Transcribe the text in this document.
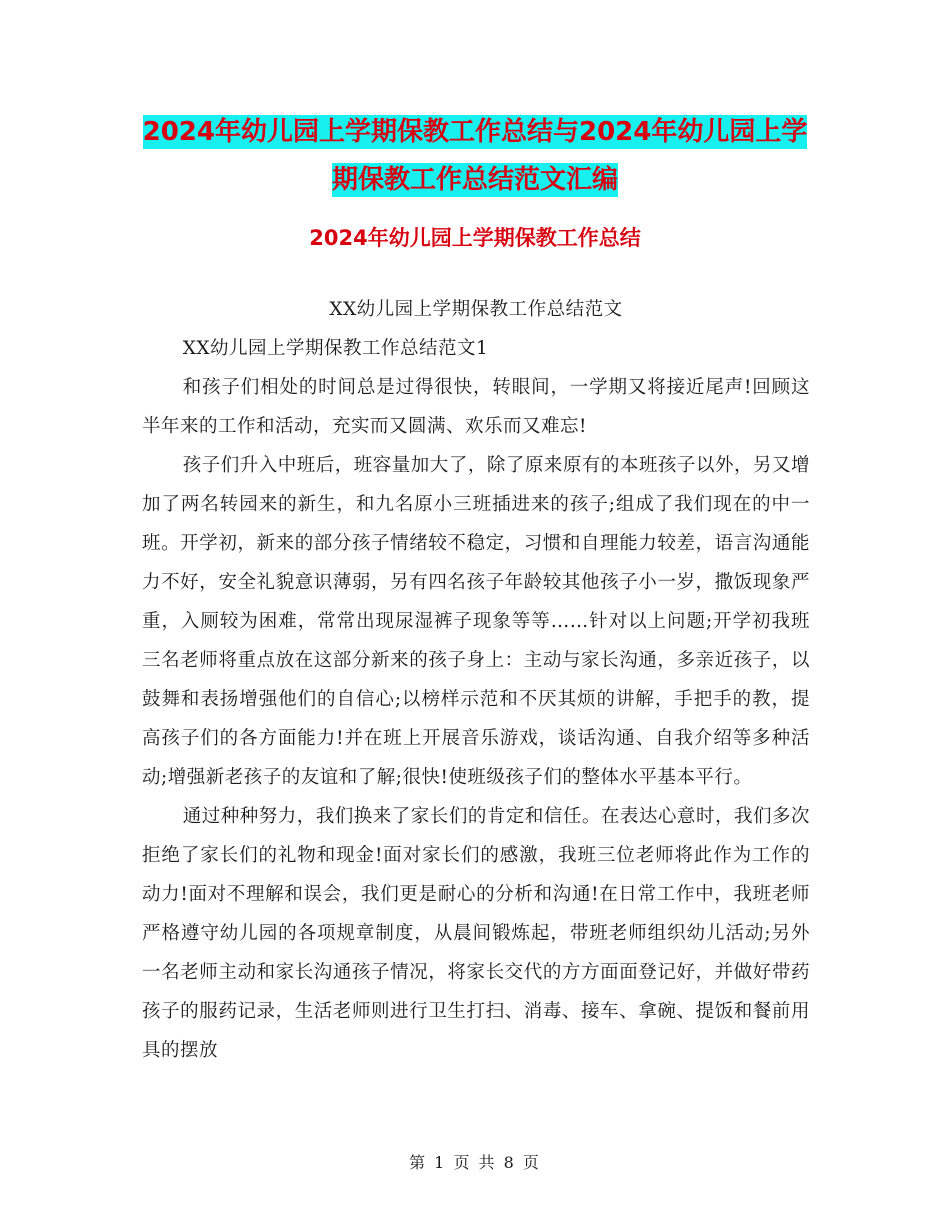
2024年幼儿园上学期保教工作总结与2024年幼儿园上学期保教工作总结范文汇编
2024年幼儿园上学期保教工作总结

XX幼儿园上学期保教工作总结范文

XX幼儿园上学期保教工作总结范文1

和孩子们相处的时间总是过得很快，转眼间，一学期又将接近尾声!回顾这半年来的工作和活动，充实而又圆满、欢乐而又难忘!

孩子们升入中班后，班容量加大了，除了原来原有的本班孩子以外，另又增加了两名转园来的新生，和九名原小三班插进来的孩子;组成了我们现在的中一班。开学初，新来的部分孩子情绪较不稳定，习惯和自理能力较差，语言沟通能力不好，安全礼貌意识薄弱，另有四名孩子年龄较其他孩子小一岁，撒饭现象严重，入厕较为困难，常常出现尿湿裤子现象等等……针对以上问题;开学初我班三名老师将重点放在这部分新来的孩子身上：主动与家长沟通，多亲近孩子，以鼓舞和表扬增强他们的自信心;以榜样示范和不厌其烦的讲解，手把手的教，提高孩子们的各方面能力!并在班上开展音乐游戏，谈话沟通、自我介绍等多种活动;增强新老孩子的友谊和了解;很快!使班级孩子们的整体水平基本平行。

通过种种努力，我们换来了家长们的肯定和信任。在表达心意时，我们多次拒绝了家长们的礼物和现金!面对家长们的感激，我班三位老师将此作为工作的动力!面对不理解和误会，我们更是耐心的分析和沟通!在日常工作中，我班老师严格遵守幼儿园的各项规章制度，从晨间锻炼起，带班老师组织幼儿活动;另外一名老师主动和家长沟通孩子情况，将家长交代的方方面面登记好，并做好带药孩子的服药记录，生活老师则进行卫生打扫、消毒、接车、拿碗、提饭和餐前用具的摆放

第 1 页 共 8 页
